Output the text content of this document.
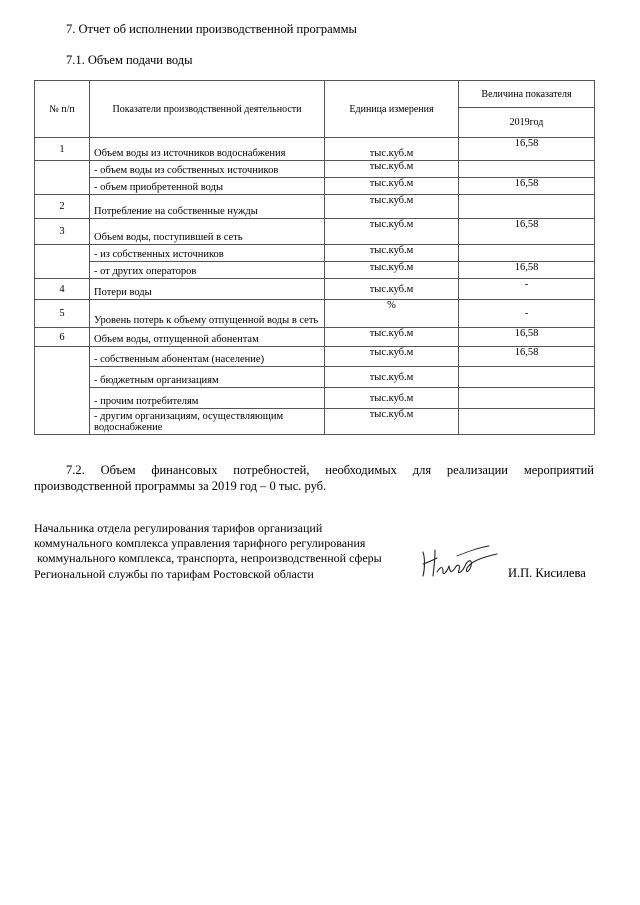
7. Отчет об исполнении производственной программы
7.1. Объем подачи воды
№ п/п	Показатели производственной деятельности	Единица измерения	Величина показателя
			2019год
1	Объем воды из источников водоснабжения	тыс.куб.м	16,58
	- объем воды из собственных источников	тыс.куб.м	
	- объем приобретенной воды	тыс.куб.м	16,58
2	Потребление на собственные нужды	тыс.куб.м	
3	Объем воды, поступившей в сеть	тыс.куб.м	16,58
	- из собственных источников	тыс.куб.м	
	- от других операторов	тыс.куб.м	16,58
4	Потери воды	тыс.куб.м	-
5	Уровень потерь к объему отпущенной воды в сеть	%	-
6	Объем воды, отпущенной абонентам	тыс.куб.м	16,58
	- собственным абонентам (население)	тыс.куб.м	16,58
	- бюджетным организациям	тыс.куб.м	
	- прочим потребителям	тыс.куб.м	
	- другим организациям, осуществляющим водоснабжение	тыс.куб.м	
7.2. Объем финансовых потребностей, необходимых для реализации мероприятий
производственной программы за 2019 год – 0 тыс. руб.
Начальника отдела регулирования тарифов организаций
коммунального комплекса управления тарифного регулирования
коммунального комплекса, транспорта, непроизводственной сферы
Региональной службы по тарифам Ростовской области	И.П. Кисилева
